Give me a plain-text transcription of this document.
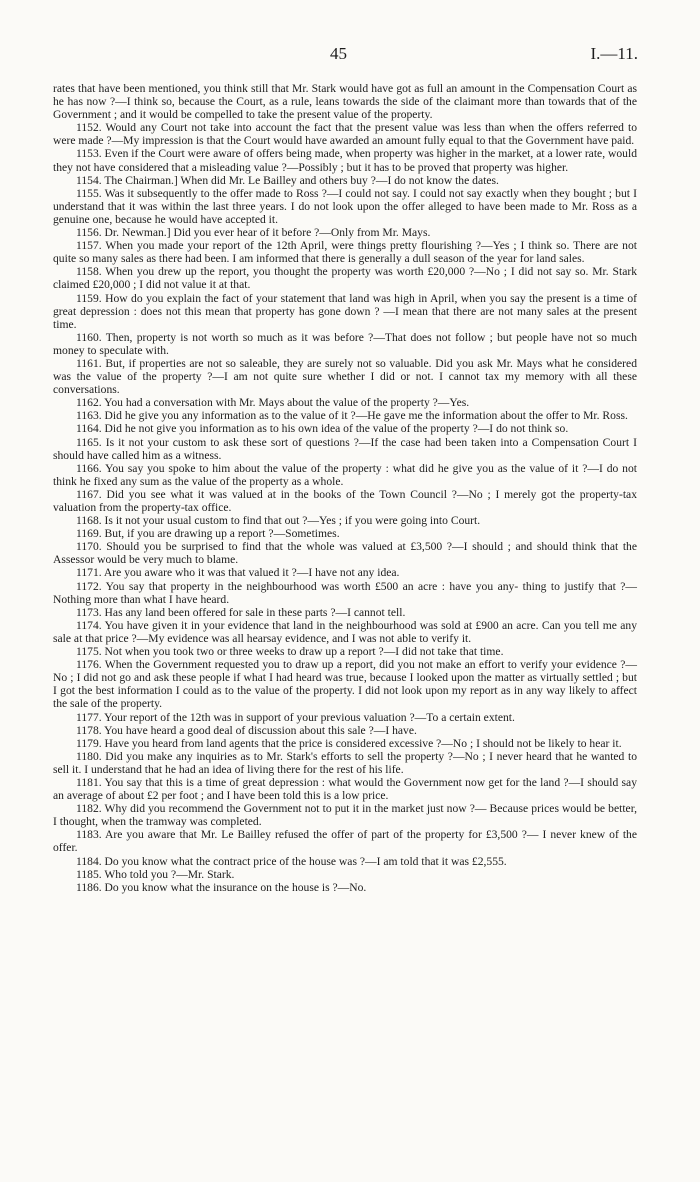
45	I.—11.

rates that have been mentioned, you think still that Mr. Stark would have got as full an amount in the Compensation Court as he has now ?—I think so, because the Court, as a rule, leans towards the side of the claimant more than towards that of the Government ; and it would be compelled to take the present value of the property.

1152. Would any Court not take into account the fact that the present value was less than when the offers referred to were made ?—My impression is that the Court would have awarded an amount fully equal to that the Government have paid.

1153. Even if the Court were aware of offers being made, when property was higher in the market, at a lower rate, would they not have considered that a misleading value ?—Possibly ; but it has to be proved that property was higher.

1154. The Chairman.] When did Mr. Le Bailley and others buy ?—I do not know the dates.

1155. Was it subsequently to the offer made to Ross ?—I could not say. I could not say exactly when they bought ; but I understand that it was within the last three years. I do not look upon the offer alleged to have been made to Mr. Ross as a genuine one, because he would have accepted it.

1156. Dr. Newman.] Did you ever hear of it before ?—Only from Mr. Mays.

1157. When you made your report of the 12th April, were things pretty flourishing ?—Yes ; I think so. There are not quite so many sales as there had been. I am informed that there is generally a dull season of the year for land sales.

1158. When you drew up the report, you thought the property was worth £20,000 ?—No ; I did not say so. Mr. Stark claimed £20,000 ; I did not value it at that.

1159. How do you explain the fact of your statement that land was high in April, when you say the present is a time of great depression : does not this mean that property has gone down ? —I mean that there are not many sales at the present time.

1160. Then, property is not worth so much as it was before ?—That does not follow ; but people have not so much money to speculate with.

1161. But, if properties are not so saleable, they are surely not so valuable. Did you ask Mr. Mays what he considered was the value of the property ?—I am not quite sure whether I did or not. I cannot tax my memory with all these conversations.

1162. You had a conversation with Mr. Mays about the value of the property ?—Yes.

1163. Did he give you any information as to the value of it ?—He gave me the information about the offer to Mr. Ross.

1164. Did he not give you information as to his own idea of the value of the property ?—I do not think so.

1165. Is it not your custom to ask these sort of questions ?—If the case had been taken into a Compensation Court I should have called him as a witness.

1166. You say you spoke to him about the value of the property : what did he give you as the value of it ?—I do not think he fixed any sum as the value of the property as a whole.

1167. Did you see what it was valued at in the books of the Town Council ?—No ; I merely got the property-tax valuation from the property-tax office.

1168. Is it not your usual custom to find that out ?—Yes ; if you were going into Court.

1169. But, if you are drawing up a report ?—Sometimes.

1170. Should you be surprised to find that the whole was valued at £3,500 ?—I should ; and should think that the Assessor would be very much to blame.

1171. Are you aware who it was that valued it ?—I have not any idea.

1172. You say that property in the neighbourhood was worth £500 an acre : have you any- thing to justify that ?—Nothing more than what I have heard.

1173. Has any land been offered for sale in these parts ?—I cannot tell.

1174. You have given it in your evidence that land in the neighbourhood was sold at £900 an acre. Can you tell me any sale at that price ?—My evidence was all hearsay evidence, and I was not able to verify it.

1175. Not when you took two or three weeks to draw up a report ?—I did not take that time.

1176. When the Government requested you to draw up a report, did you not make an effort to verify your evidence ?—No ; I did not go and ask these people if what I had heard was true, because I looked upon the matter as virtually settled ; but I got the best information I could as to the value of the property. I did not look upon my report as in any way likely to affect the sale of the property.

1177. Your report of the 12th was in support of your previous valuation ?—To a certain extent.

1178. You have heard a good deal of discussion about this sale ?—I have.

1179. Have you heard from land agents that the price is considered excessive ?—No ; I should not be likely to hear it.

1180. Did you make any inquiries as to Mr. Stark's efforts to sell the property ?—No ; I never heard that he wanted to sell it. I understand that he had an idea of living there for the rest of his life.

1181. You say that this is a time of great depression : what would the Government now get for the land ?—I should say an average of about £2 per foot ; and I have been told this is a low price.

1182. Why did you recommend the Government not to put it in the market just now ?— Because prices would be better, I thought, when the tramway was completed.

1183. Are you aware that Mr. Le Bailley refused the offer of part of the property for £3,500 ?— I never knew of the offer.

1184. Do you know what the contract price of the house was ?—I am told that it was £2,555.

1185. Who told you ?—Mr. Stark.

1186. Do you know what the insurance on the house is ?—No.
